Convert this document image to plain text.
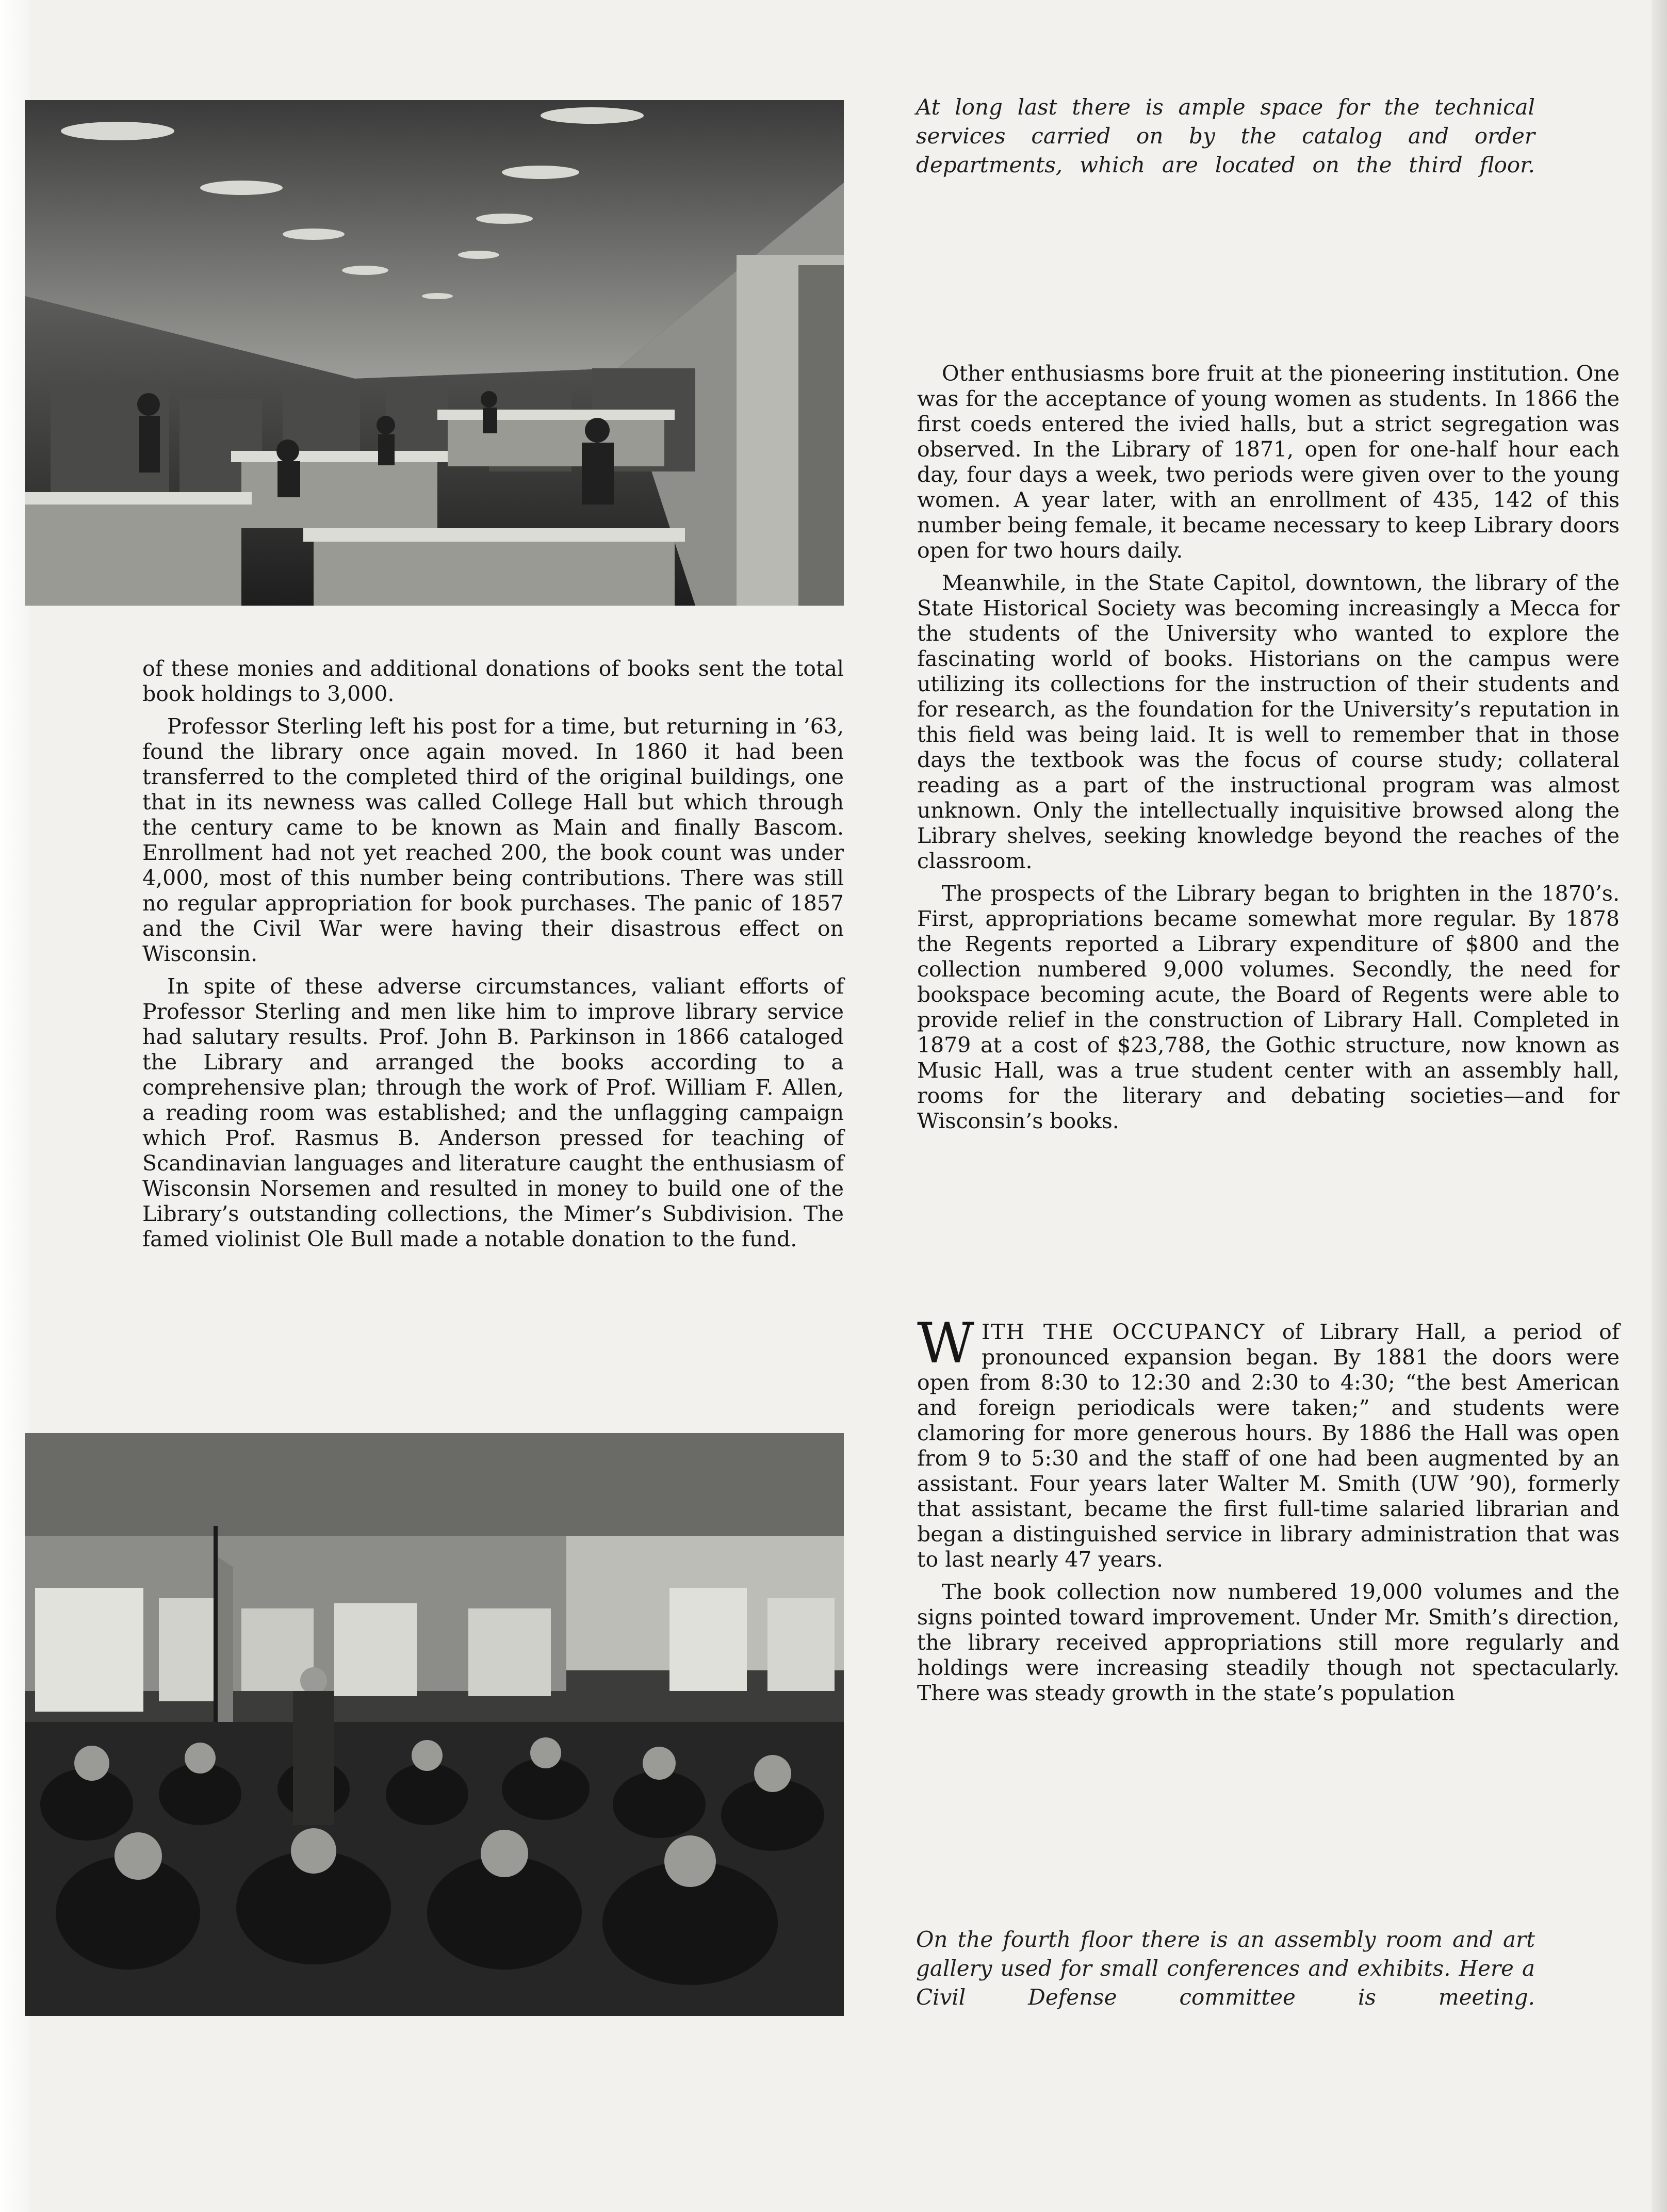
At long last there is ample space for the technical services carried on by the catalog and order departments, which are located on the third floor.

Other enthusiasms bore fruit at the pioneering institution. One was for the acceptance of young women as students. In 1866 the first coeds entered the ivied halls, but a strict segregation was observed. In the Library of 1871, open for one-half hour each day, four days a week, two periods were given over to the young women. A year later, with an enrollment of 435, 142 of this number being female, it became necessary to keep Library doors open for two hours daily.

Meanwhile, in the State Capitol, downtown, the library of the State Historical Society was becoming increasingly a Mecca for the students of the University who wanted to explore the fascinating world of books. Historians on the campus were utilizing its collections for the instruction of their students and for research, as the foundation for the University’s reputation in this field was being laid. It is well to remember that in those days the textbook was the focus of course study; collateral reading as a part of the instructional program was almost unknown. Only the intellectually inquisitive browsed along the Library shelves, seeking knowledge beyond the reaches of the classroom.

The prospects of the Library began to brighten in the 1870’s. First, appropriations became somewhat more regular. By 1878 the Regents reported a Library expenditure of $800 and the collection numbered 9,000 volumes. Secondly, the need for bookspace becoming acute, the Board of Regents were able to provide relief in the construction of Library Hall. Completed in 1879 at a cost of $23,788, the Gothic structure, now known as Music Hall, was a true student center with an assembly hall, rooms for the literary and debating societies—and for Wisconsin’s books.

of these monies and additional donations of books sent the total book holdings to 3,000.

Professor Sterling left his post for a time, but returning in ’63, found the library once again moved. In 1860 it had been transferred to the completed third of the original buildings, one that in its newness was called College Hall but which through the century came to be known as Main and finally Bascom. Enrollment had not yet reached 200, the book count was under 4,000, most of this number being contributions. There was still no regular appropriation for book purchases. The panic of 1857 and the Civil War were having their disastrous effect on Wisconsin.

In spite of these adverse circumstances, valiant efforts of Professor Sterling and men like him to improve library service had salutary results. Prof. John B. Parkinson in 1866 cataloged the Library and arranged the books according to a comprehensive plan; through the work of Prof. William F. Allen, a reading room was established; and the unflagging campaign which Prof. Rasmus B. Anderson pressed for teaching of Scandinavian languages and literature caught the enthusiasm of Wisconsin Norsemen and resulted in money to build one of the Library’s outstanding collections, the Mimer’s Subdivision. The famed violinist Ole Bull made a notable donation to the fund.

WITH THE OCCUPANCY of Library Hall, a period of pronounced expansion began. By 1881 the doors were open from 8:30 to 12:30 and 2:30 to 4:30; “the best American and foreign periodicals were taken;” and students were clamoring for more generous hours. By 1886 the Hall was open from 9 to 5:30 and the staff of one had been augmented by an assistant. Four years later Walter M. Smith (UW ’90), formerly that assistant, became the first full-time salaried librarian and began a distinguished service in library administration that was to last nearly 47 years.

The book collection now numbered 19,000 volumes and the signs pointed toward improvement. Under Mr. Smith’s direction, the library received appropriations still more regularly and holdings were increasing steadily though not spectacularly. There was steady growth in the state’s population

On the fourth floor there is an assembly room and art gallery used for small conferences and exhibits. Here a Civil Defense committee is meeting.
